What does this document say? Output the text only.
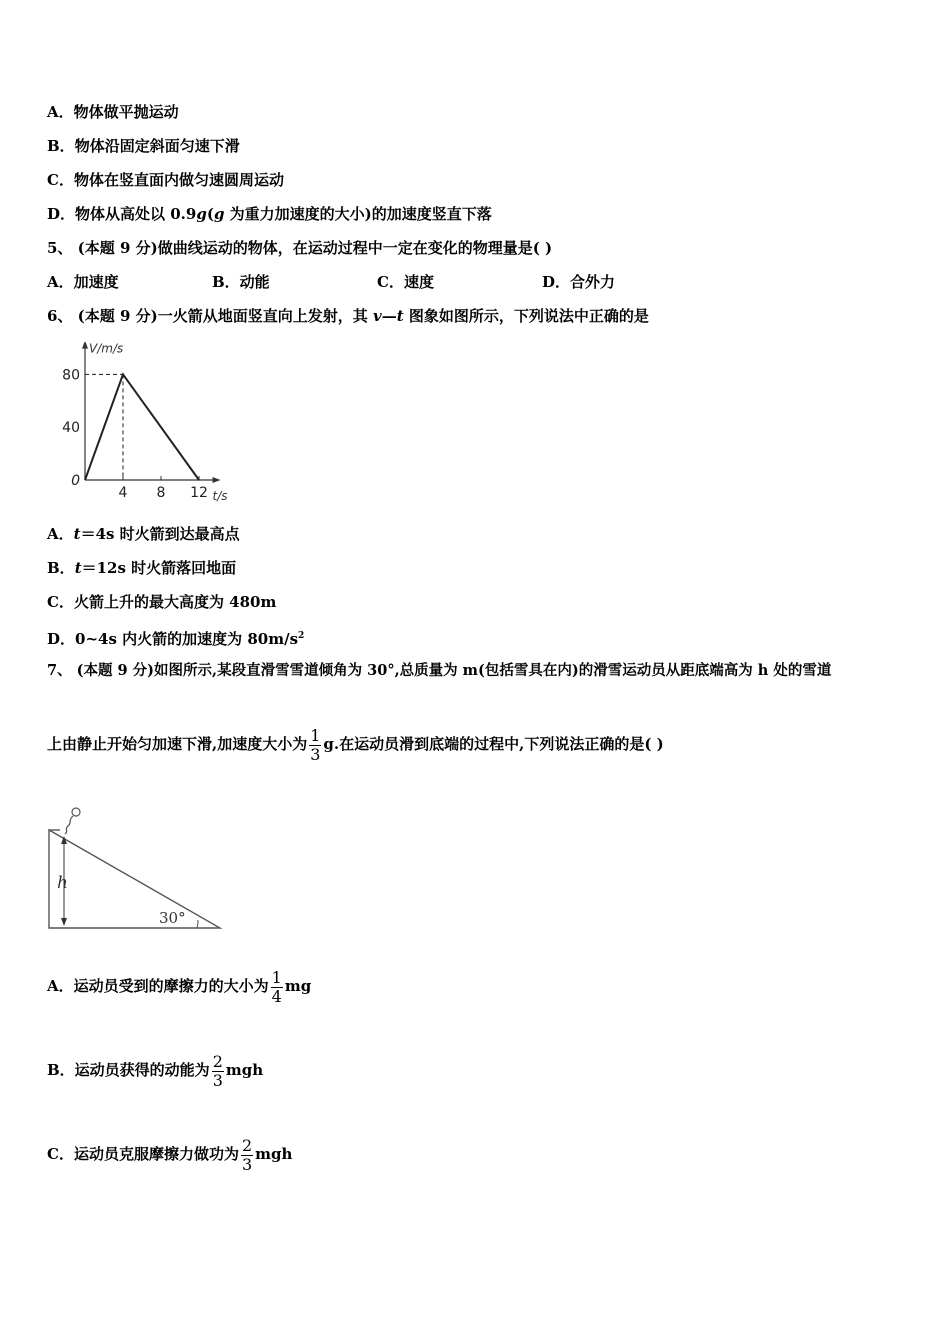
A．物体做平抛运动
B．物体沿固定斜面匀速下滑
C．物体在竖直面内做匀速圆周运动
D．物体从高处以 0.9g(g 为重力加速度的大小)的加速度竖直下落
5、 (本题 9 分)做曲线运动的物体，在运动过程中一定在变化的物理量是( )
A．加速度	B．动能	C．速度	D．合外力
6、 (本题 9 分)一火箭从地面竖直向上发射，其 v—t 图象如图所示，下列说法中正确的是
V/m/s
t/s
4 8 12
80
40
0
A．t＝4s 时火箭到达最高点
B．t＝12s 时火箭落回地面
C．火箭上升的最大高度为 480m
D．0~4s 内火箭的加速度为 $80m/s^2$
7、 (本题 9 分)如图所示,某段直滑雪雪道倾角为 30°,总质量为 m(包括雪具在内)的滑雪运动员从距底端高为 h 处的雪道
上由静止开始匀加速下滑,加速度大小为 $\frac{1}{3} g$.在运动员滑到底端的过程中,下列说法正确的是( )
h
30°
A．运动员受到的摩擦力的大小为 $\frac{1}{4}$ mg
B．运动员获得的动能为 $\frac{2}{3}$ mgh
C．运动员克服摩擦力做功为 $\frac{2}{3}$ mgh
